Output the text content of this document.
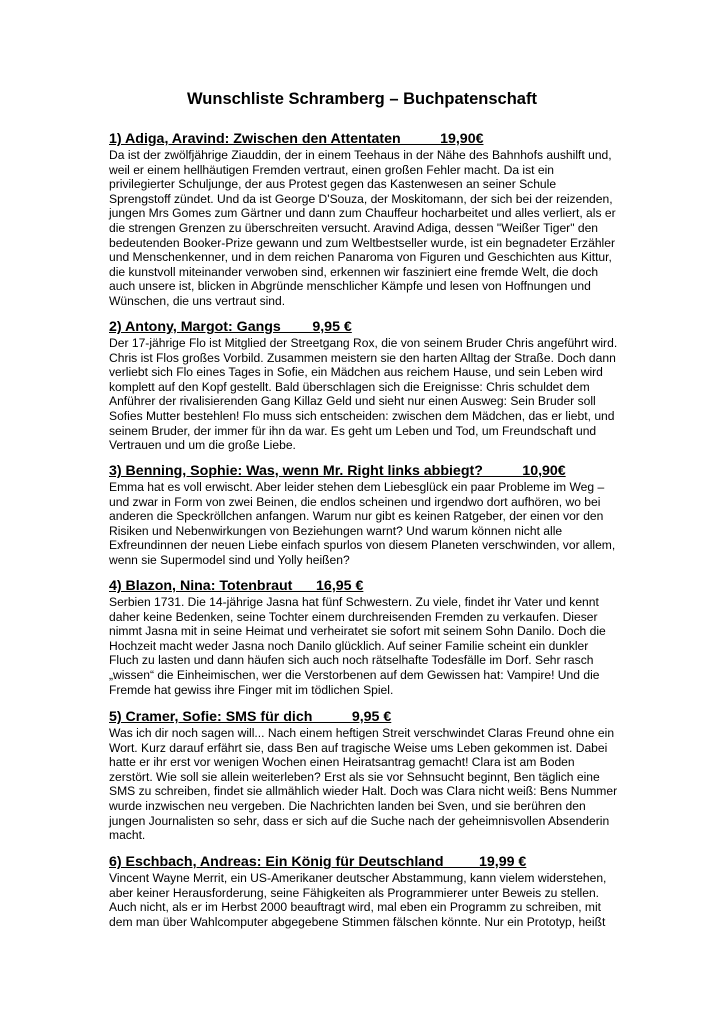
Wunschliste Schramberg – Buchpatenschaft
1) Adiga, Aravind: Zwischen den Attentaten          19,90€

Da ist der zwölfjährige Ziauddin, der in einem Teehaus in der Nähe des Bahnhofs aushilft und, weil er einem hellhäutigen Fremden vertraut, einen großen Fehler macht. Da ist ein privilegierter Schuljunge, der aus Protest gegen das Kastenwesen an seiner Schule Sprengstoff zündet. Und da ist George D'Souza, der Moskitomann, der sich bei der reizenden, jungen Mrs Gomes zum Gärtner und dann zum Chauffeur hocharbeitet und alles verliert, als er die strengen Grenzen zu überschreiten versucht. Aravind Adiga, dessen "Weißer Tiger" den bedeutenden Booker-Prize gewann und zum Weltbestseller wurde, ist ein begnadeter Erzähler und Menschenkenner, und in dem reichen Panaroma von Figuren und Geschichten aus Kittur, die kunstvoll miteinander verwoben sind, erkennen wir fasziniert eine fremde Welt, die doch auch unsere ist, blicken in Abgründe menschlicher Kämpfe und lesen von Hoffnungen und Wünschen, die uns vertraut sind.

2) Antony, Margot: Gangs        9,95 €

Der 17-jährige Flo ist Mitglied der Streetgang Rox, die von seinem Bruder Chris angeführt wird. Chris ist Flos großes Vorbild. Zusammen meistern sie den harten Alltag der Straße. Doch dann verliebt sich Flo eines Tages in Sofie, ein Mädchen aus reichem Hause, und sein Leben wird komplett auf den Kopf gestellt. Bald überschlagen sich die Ereignisse: Chris schuldet dem Anführer der rivalisierenden Gang Killaz Geld und sieht nur einen Ausweg: Sein Bruder soll Sofies Mutter bestehlen! Flo muss sich entscheiden: zwischen dem Mädchen, das er liebt, und seinem Bruder, der immer für ihn da war. Es geht um Leben und Tod, um Freundschaft und Vertrauen und um die große Liebe.

3) Benning, Sophie: Was, wenn Mr. Right links abbiegt?          10,90€

Emma hat es voll erwischt. Aber leider stehen dem Liebesglück ein paar Probleme im Weg – und zwar in Form von zwei Beinen, die endlos scheinen und irgendwo dort aufhören, wo bei anderen die Speckröllchen anfangen. Warum nur gibt es keinen Ratgeber, der einen vor den Risiken und Nebenwirkungen von Beziehungen warnt? Und warum können nicht alle Exfreundinnen der neuen Liebe einfach spurlos von diesem Planeten verschwinden, vor allem, wenn sie Supermodel sind und Yolly heißen?

4) Blazon, Nina: Totenbraut      16,95 €

Serbien 1731. Die 14-jährige Jasna hat fünf Schwestern. Zu viele, findet ihr Vater und kennt daher keine Bedenken, seine Tochter einem durchreisenden Fremden zu verkaufen. Dieser nimmt Jasna mit in seine Heimat und verheiratet sie sofort mit seinem Sohn Danilo. Doch die Hochzeit macht weder Jasna noch Danilo glücklich. Auf seiner Familie scheint ein dunkler Fluch zu lasten und dann häufen sich auch noch rätselhafte Todesfälle im Dorf. Sehr rasch „wissen“ die Einheimischen, wer die Verstorbenen auf dem Gewissen hat: Vampire! Und die Fremde hat gewiss ihre Finger mit im tödlichen Spiel.

5) Cramer, Sofie: SMS für dich          9,95 €

Was ich dir noch sagen will... Nach einem heftigen Streit verschwindet Claras Freund ohne ein Wort. Kurz darauf erfährt sie, dass Ben auf tragische Weise ums Leben gekommen ist. Dabei hatte er ihr erst vor wenigen Wochen einen Heiratsantrag gemacht! Clara ist am Boden zerstört. Wie soll sie allein weiterleben? Erst als sie vor Sehnsucht beginnt, Ben täglich eine SMS zu schreiben, findet sie allmählich wieder Halt. Doch was Clara nicht weiß: Bens Nummer wurde inzwischen neu vergeben. Die Nachrichten landen bei Sven, und sie berühren den jungen Journalisten so sehr, dass er sich auf die Suche nach der geheimnisvollen Absenderin macht.

6) Eschbach, Andreas: Ein König für Deutschland         19,99 €

Vincent Wayne Merrit, ein US-Amerikaner deutscher Abstammung, kann vielem widerstehen, aber keiner Herausforderung, seine Fähigkeiten als Programmierer unter Beweis zu stellen. Auch nicht, als er im Herbst 2000 beauftragt wird, mal eben ein Programm zu schreiben, mit dem man über Wahlcomputer abgegebene Stimmen fälschen könnte. Nur ein Prototyp, heißt
